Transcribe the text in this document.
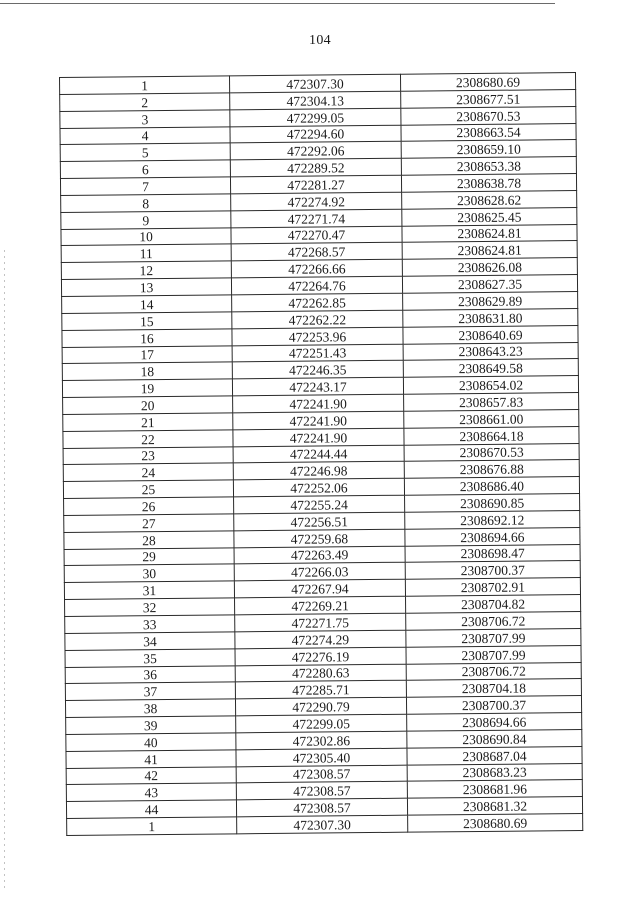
104
1	472307.30	2308680.69
2	472304.13	2308677.51
3	472299.05	2308670.53
4	472294.60	2308663.54
5	472292.06	2308659.10
6	472289.52	2308653.38
7	472281.27	2308638.78
8	472274.92	2308628.62
9	472271.74	2308625.45
10	472270.47	2308624.81
11	472268.57	2308624.81
12	472266.66	2308626.08
13	472264.76	2308627.35
14	472262.85	2308629.89
15	472262.22	2308631.80
16	472253.96	2308640.69
17	472251.43	2308643.23
18	472246.35	2308649.58
19	472243.17	2308654.02
20	472241.90	2308657.83
21	472241.90	2308661.00
22	472241.90	2308664.18
23	472244.44	2308670.53
24	472246.98	2308676.88
25	472252.06	2308686.40
26	472255.24	2308690.85
27	472256.51	2308692.12
28	472259.68	2308694.66
29	472263.49	2308698.47
30	472266.03	2308700.37
31	472267.94	2308702.91
32	472269.21	2308704.82
33	472271.75	2308706.72
34	472274.29	2308707.99
35	472276.19	2308707.99
36	472280.63	2308706.72
37	472285.71	2308704.18
38	472290.79	2308700.37
39	472299.05	2308694.66
40	472302.86	2308690.84
41	472305.40	2308687.04
42	472308.57	2308683.23
43	472308.57	2308681.96
44	472308.57	2308681.32
1	472307.30	2308680.69
